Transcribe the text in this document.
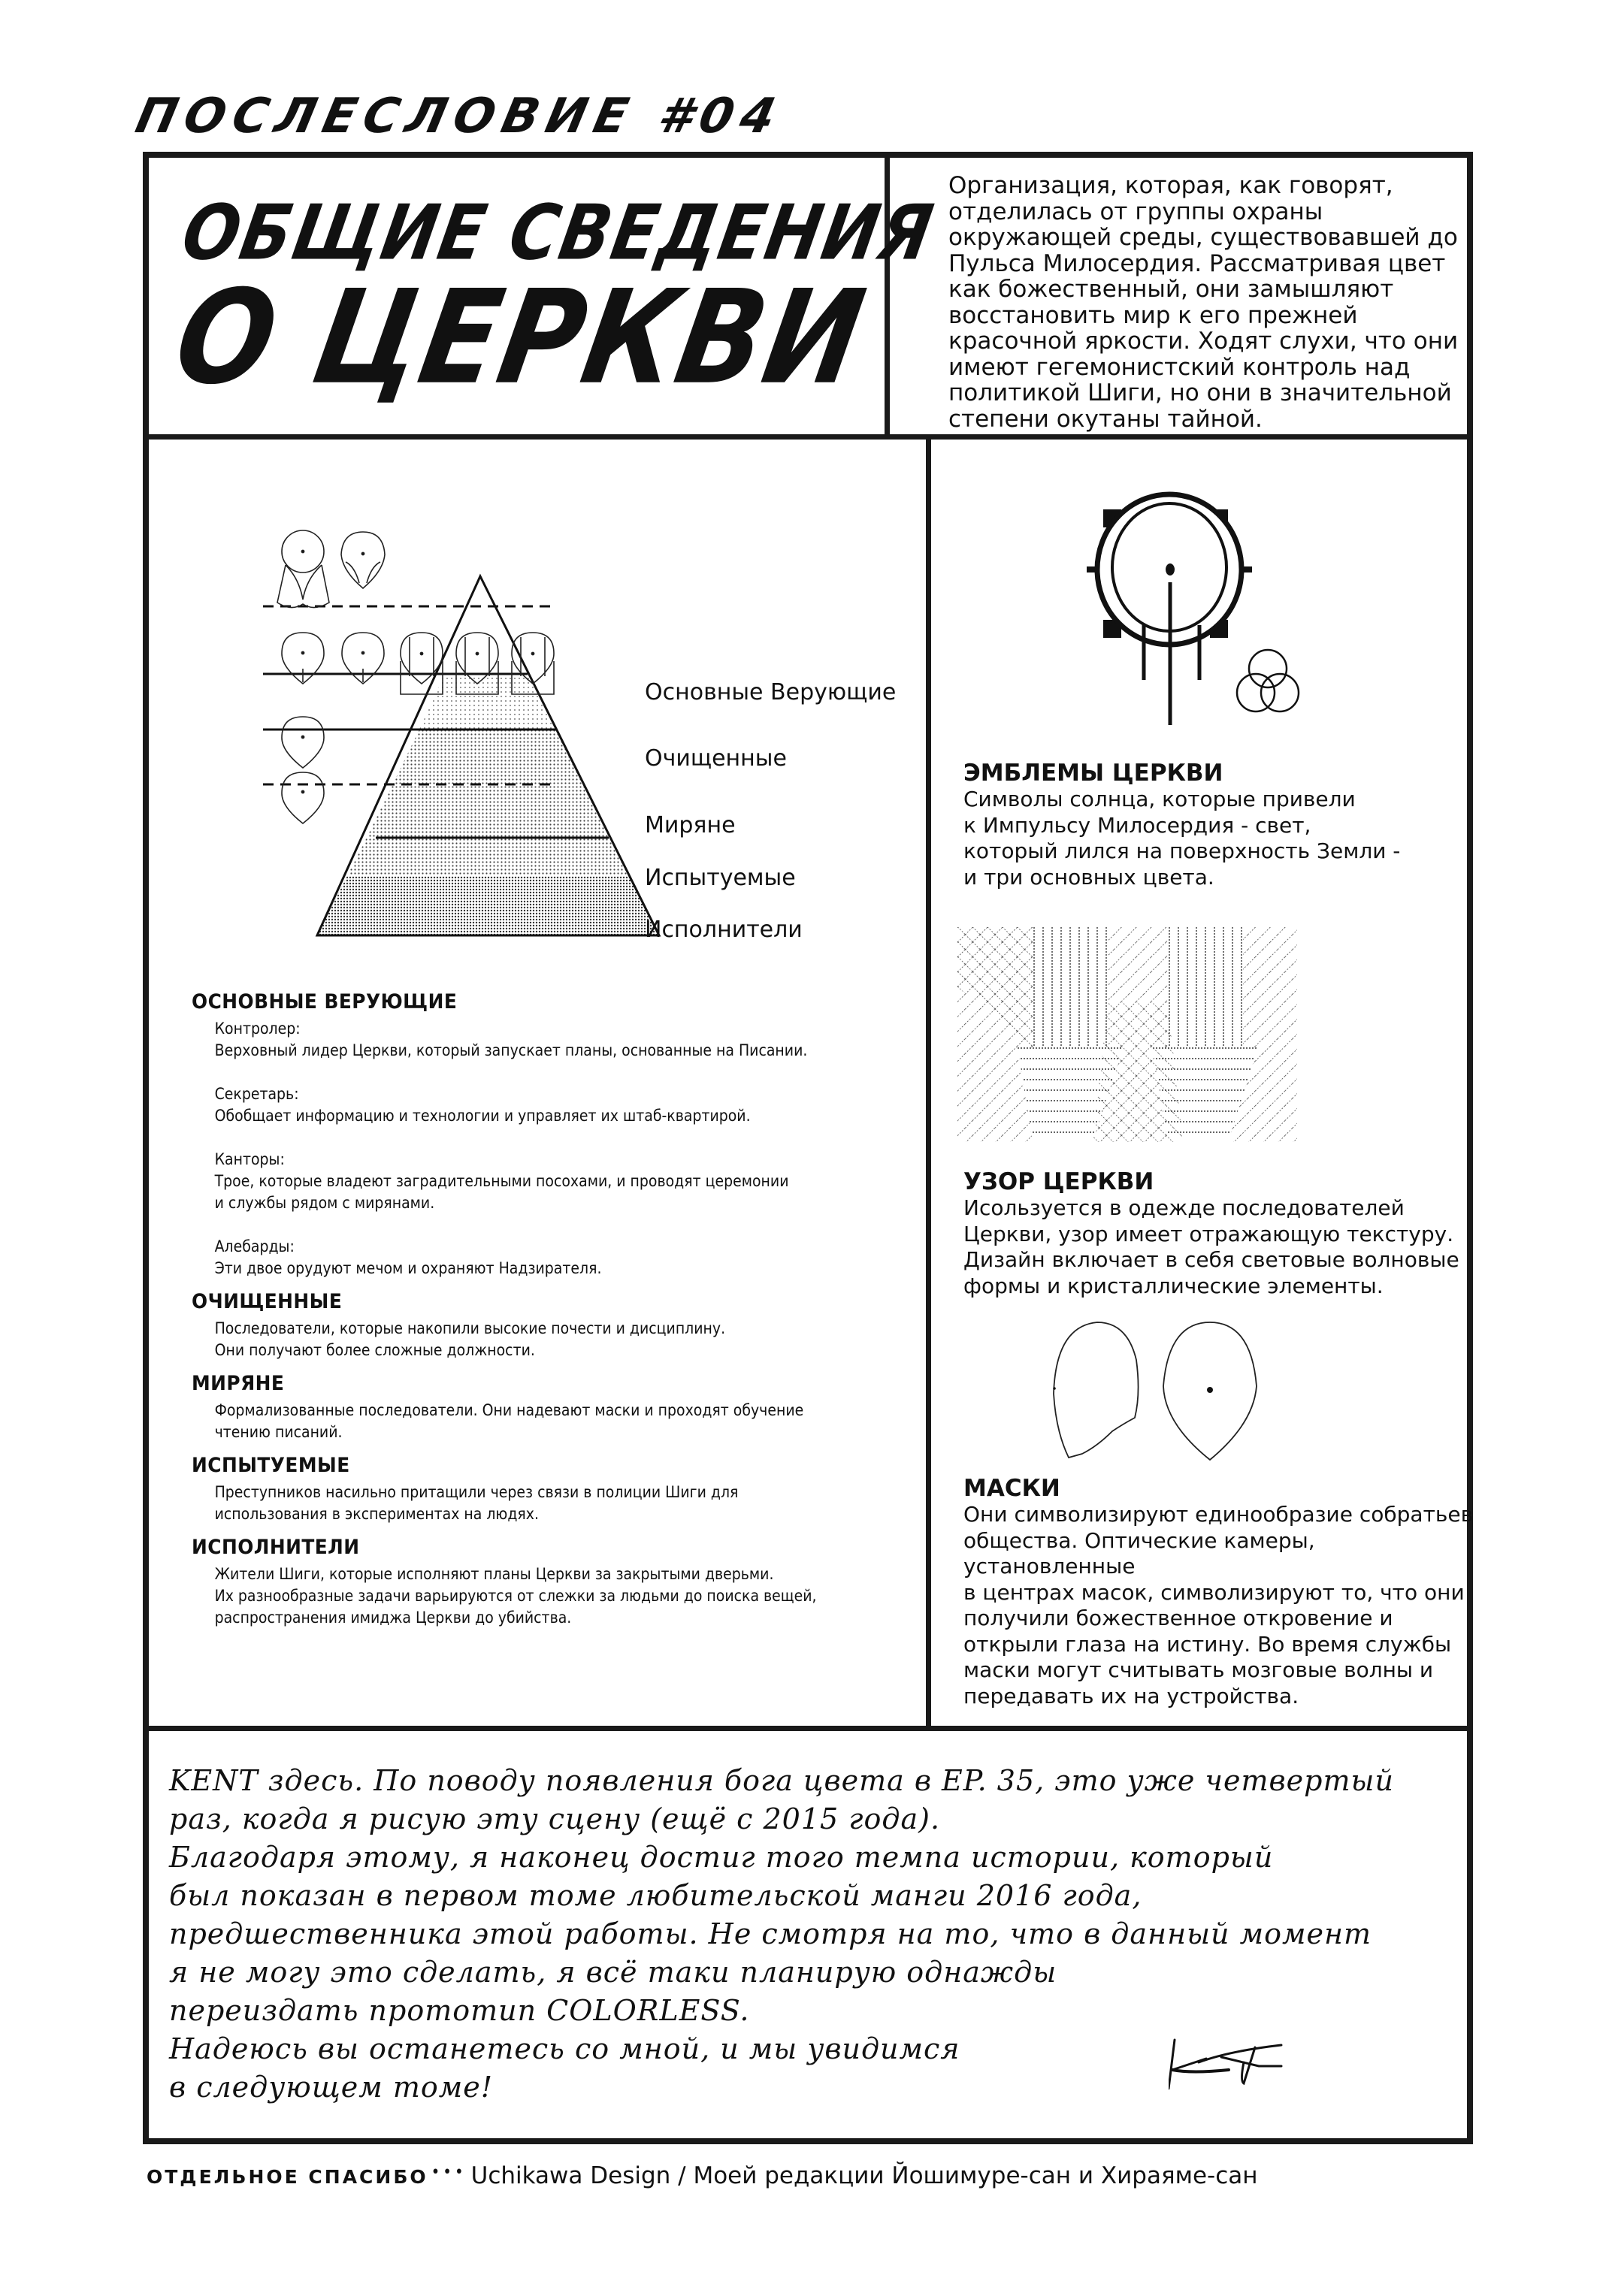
ПОСЛЕСЛОВИЕ #04
ОБЩИЕ СВЕДЕНИЯ
О ЦЕРКВИ
Организация, которая, как говорят, отделилась от группы охраны окружающей среды, существовавшей до Пульса Милосердия. Рассматривая цвет как божественный, они замышляют восстановить мир к его прежней красочной яркости. Ходят слухи, что они имеют гегемонистский контроль над политикой Шиги, но они в значительной степени окутаны тайной.
Основные Верующие
Очищенные
Миряне
Испытуемые
Исполнители
ОСНОВНЫЕ ВЕРУЮЩИЕ
Контролер:
Верховный лидер Церкви, который запускает планы, основанные на Писании.
Секретарь:
Обобщает информацию и технологии и управляет их штаб-квартирой.
Канторы:
Трое, которые владеют заградительными посохами, и проводят церемонии
и службы рядом с мирянами.
Алебарды:
Эти двое орудуют мечом и охраняют Надзирателя.
ОЧИЩЕННЫЕ
Последователи, которые накопили высокие почести и дисциплину.
Они получают более сложные должности.
МИРЯНЕ
Формализованные последователи. Они надевают маски и проходят обучение
чтению писаний.
ИСПЫТУЕМЫЕ
Преступников насильно притащили через связи в полиции Шиги для
использования в экспериментах на людях.
ИСПОЛНИТЕЛИ
Жители Шиги, которые исполняют планы Церкви за закрытыми дверьми.
Их разнообразные задачи варьируются от слежки за людьми до поиска вещей,
распространения имиджа Церкви до убийства.
ЭМБЛЕМЫ ЦЕРКВИ
Символы солнца, которые привели
к Импульсу Милосердия - свет,
который лился на поверхность Земли -
и три основных цвета.
УЗОР ЦЕРКВИ
Исользуется в одежде последователей
Церкви, узор имеет отражающую текстуру.
Дизайн включает в себя световые волновые
формы и кристаллические элементы.
МАСКИ
Они символизируют единообразие собратьев
общества. Оптические камеры, установленные
в центрах масок, символизируют то, что они
получили божественное откровение и
открыли глаза на истину. Во время службы
маски могут считывать мозговые волны и
передавать их на устройства.
KENT здесь. По поводу появления бога цвета в EP. 35, это уже четвертый
раз, когда я рисую эту сцену (ещё с 2015 года).
Благодаря этому, я наконец достиг того темпа истории, который
был показан в первом томе любительской манги 2016 года,
предшественника этой работы. Не смотря на то, что в данный момент
я не могу это сделать, я всё таки планирую однажды
переиздать прототип COLORLESS.
Надеюсь вы останетесь со мной, и мы увидимся
в следующем томе!
ОТДЕЛЬНОЕ СПАСИБО ••• Uchikawa Design / Моей редакции Йошимуре-сан и Хираяме-сан
